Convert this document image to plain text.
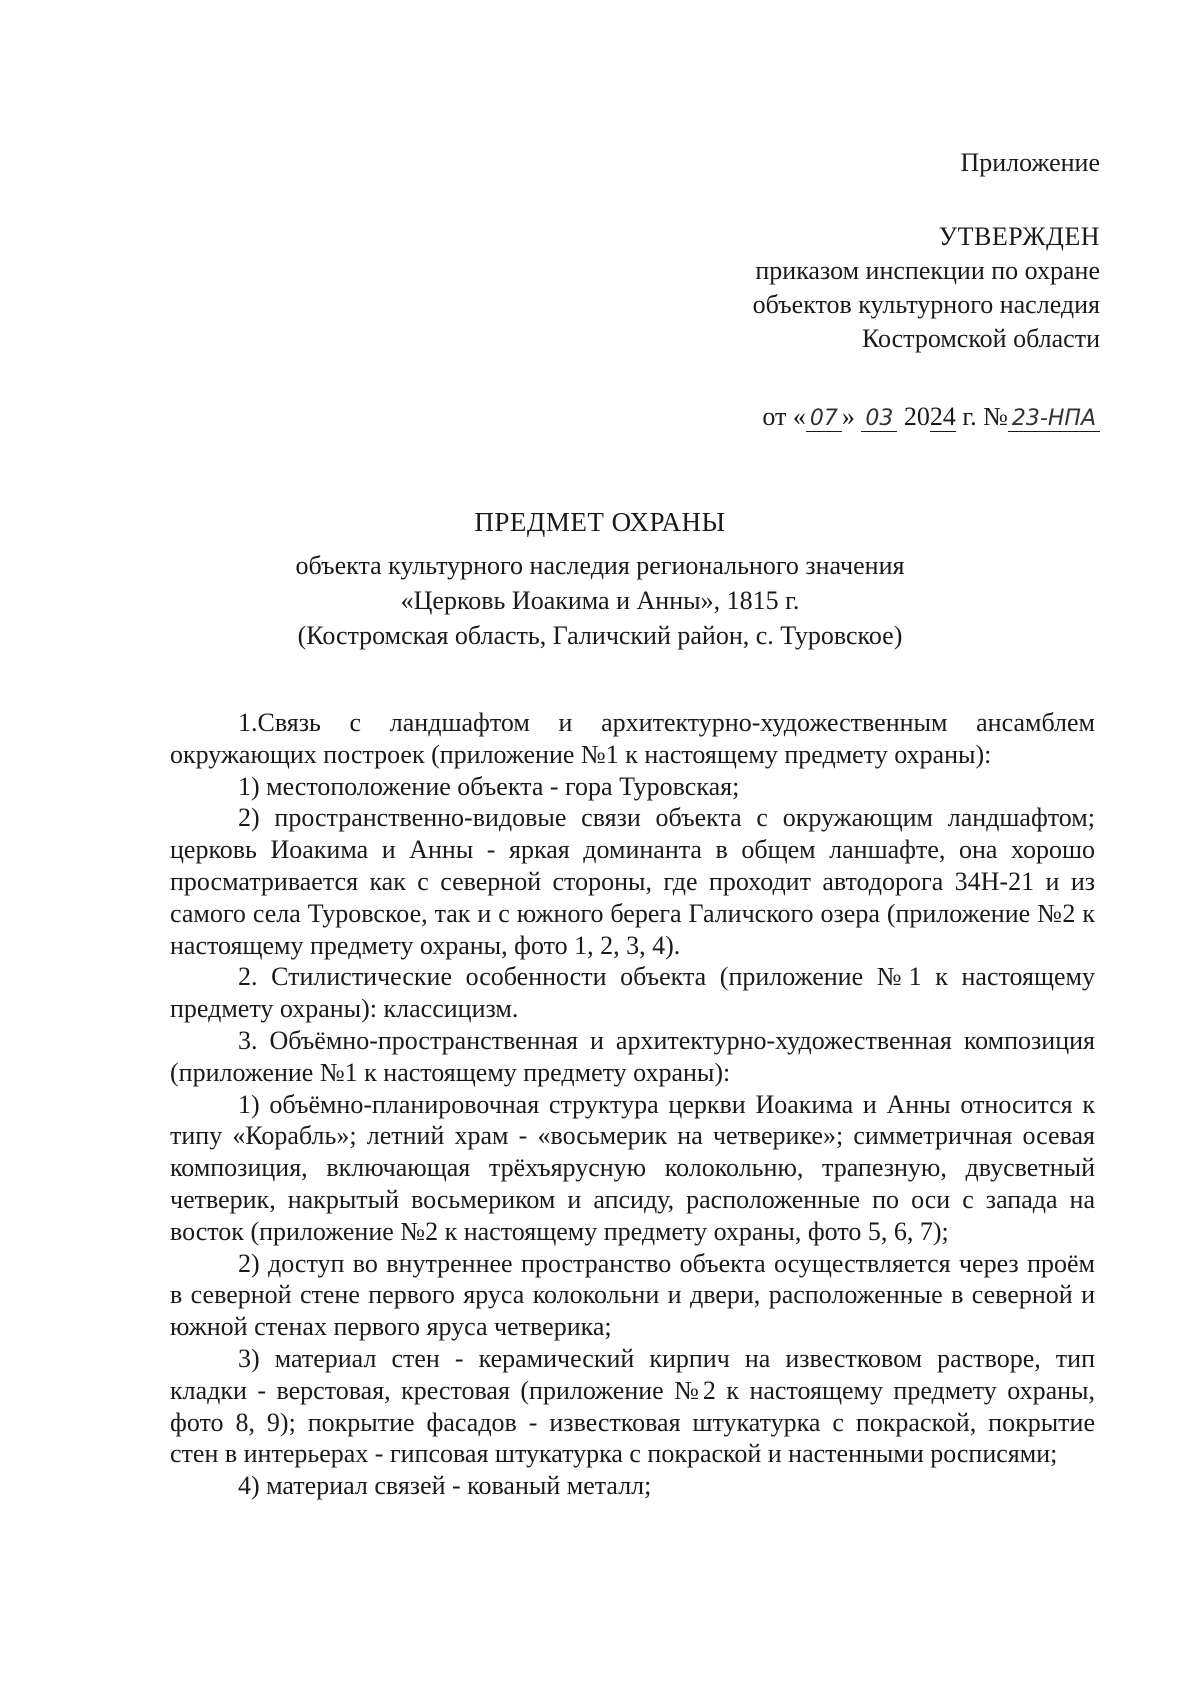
Приложение
УТВЕРЖДЕН
приказом инспекции по охране
объектов культурного наследия
Костромской области
от « 07 » 03 2024 г. № 23-НПА
ПРЕДМЕТ ОХРАНЫ
объекта культурного наследия регионального значения
«Церковь Иоакима и Анны», 1815 г.
(Костромская область, Галичский район, с. Туровское)

1.Связь с ландшафтом и архитектурно-художественным ансамблем окружающих построек (приложение №1 к настоящему предмету охраны):

1) местоположение объекта - гора Туровская;

2) пространственно-видовые связи объекта с окружающим ландшафтом; церковь Иоакима и Анны - яркая доминанта в общем ланшафте, она хорошо просматривается как с северной стороны, где проходит автодорога 34Н-21 и из самого села Туровское, так и с южного берега Галичского озера (приложение №2 к настоящему предмету охраны, фото 1, 2, 3, 4).

2. Стилистические особенности объекта (приложение №1 к настоящему предмету охраны): классицизм.

3. Объёмно-пространственная и архитектурно-художественная композиция (приложение №1 к настоящему предмету охраны):

1) объёмно-планировочная структура церкви Иоакима и Анны относится к типу «Корабль»; летний храм - «восьмерик на четверике»; симметричная осевая композиция, включающая трёхъярусную колокольню, трапезную, двусветный четверик, накрытый восьмериком и апсиду, расположенные по оси с запада на восток (приложение №2 к настоящему предмету охраны, фото 5, 6, 7);

2) доступ во внутреннее пространство объекта осуществляется через проём в северной стене первого яруса колокольни и двери, расположенные в северной и южной стенах первого яруса четверика;

3) материал стен - керамический кирпич на известковом растворе, тип кладки - верстовая, крестовая (приложение №2 к настоящему предмету охраны, фото 8, 9); покрытие фасадов - известковая штукатурка с покраской, покрытие стен в интерьерах - гипсовая штукатурка с покраской и настенными росписями;

4) материал связей - кованый металл;
